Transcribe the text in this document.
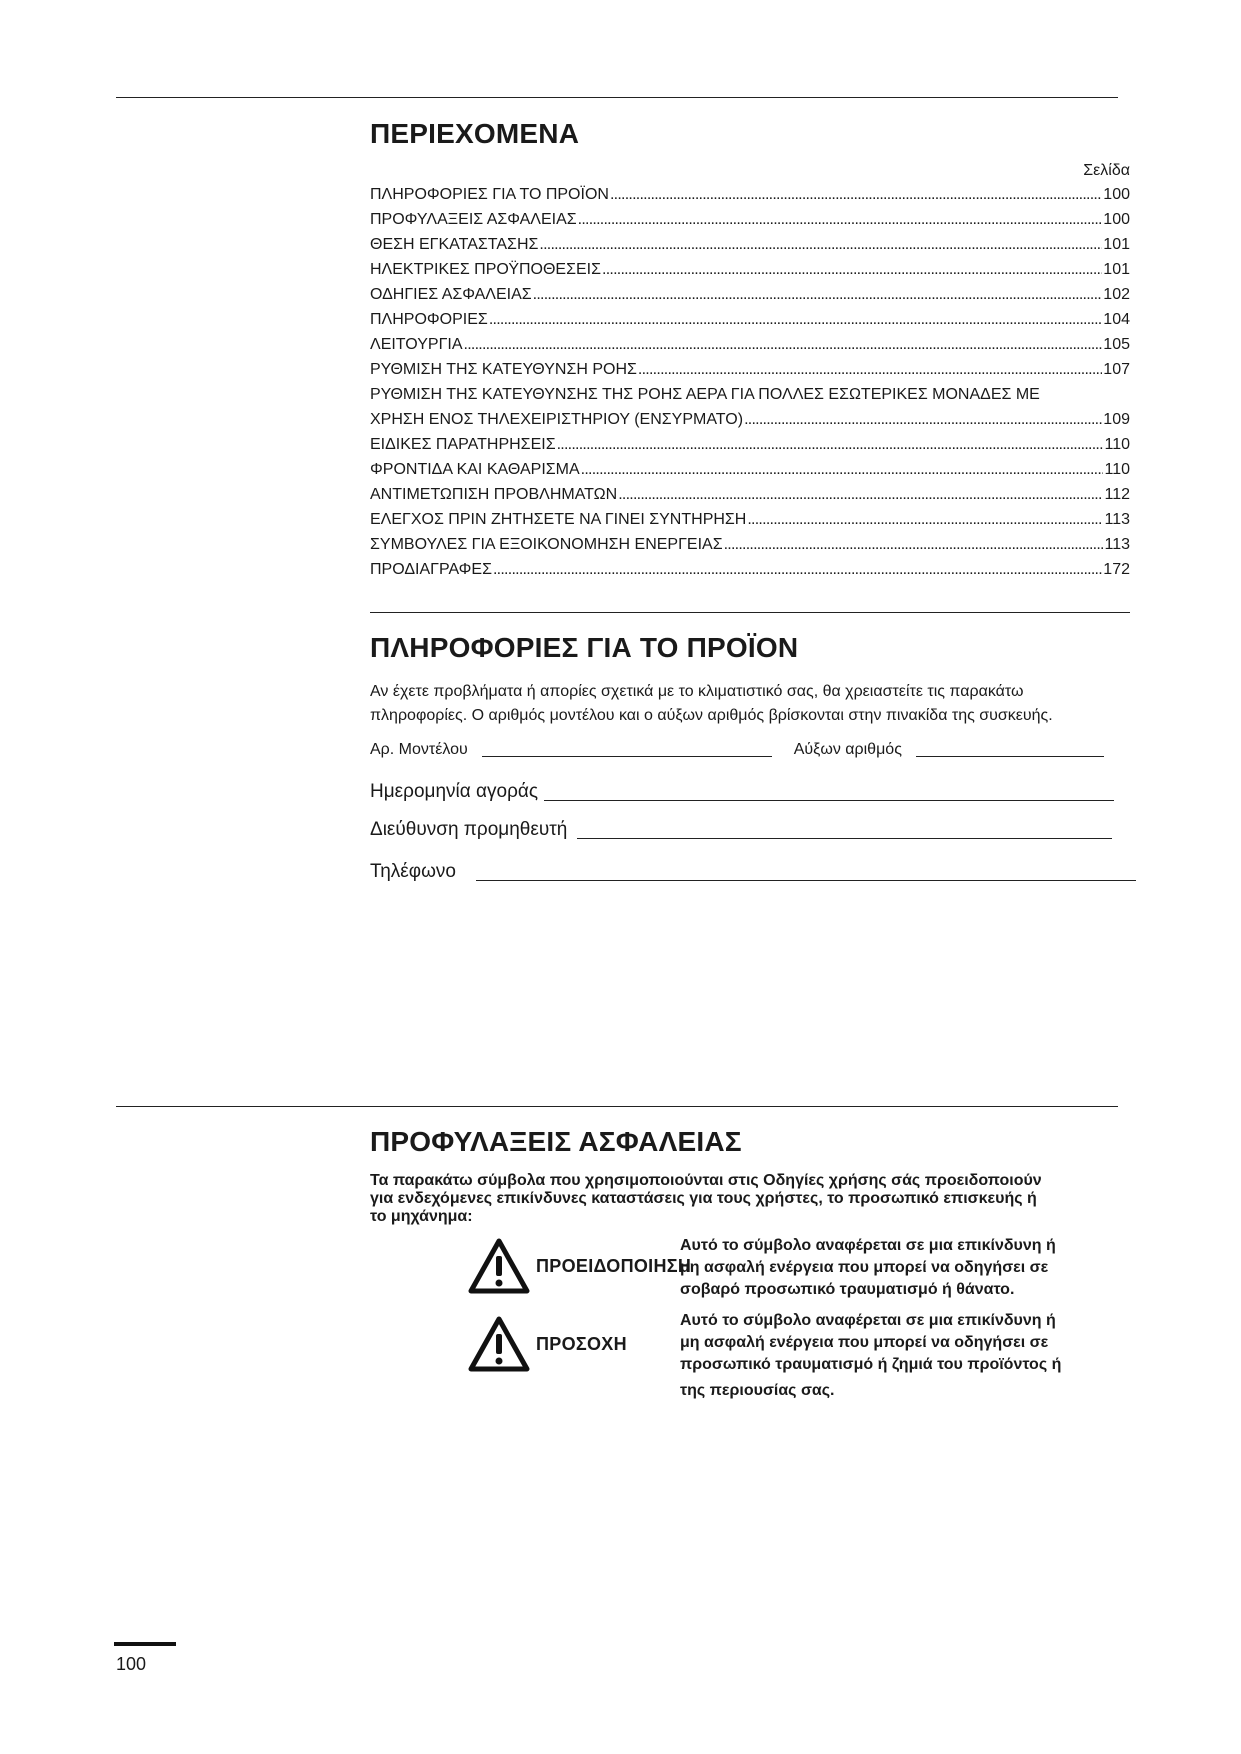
ΠΕΡΙΕΧΟΜΕΝΑ
Σελίδα
ΠΛΗΡΟΦΟΡΙΕΣ ΓΙΑ ΤΟ ΠΡΟΪΟΝ . . .	100
ΠΡΟΦΥΛΑΞΕΙΣ ΑΣΦΑΛΕΙΑΣ . . .	100
ΘΕΣΗ ΕΓΚΑΤΑΣΤΑΣΗΣ . . .	101
ΗΛΕΚΤΡΙΚΕΣ ΠΡΟΫΠΟΘΕΣΕΙΣ . . .	101
ΟΔΗΓΙΕΣ ΑΣΦΑΛΕΙΑΣ . . .	102
ΠΛΗΡΟΦΟΡΙΕΣ . . .	104
ΛΕΙΤΟΥΡΓΙΑ . . .	105
ΡΥΘΜΙΣΗ ΤΗΣ ΚΑΤΕΥΘΥΝΣΗ ΡΟΗΣ . . .	107
ΡΥΘΜΙΣΗ ΤΗΣ ΚΑΤΕΥΘΥΝΣΗΣ ΤΗΣ ΡΟΗΣ ΑΕΡΑ ΓΙΑ ΠΟΛΛΕΣ ΕΣΩΤΕΡΙΚΕΣ ΜΟΝΑΔΕΣ ΜΕ
ΧΡΗΣΗ ΕΝΟΣ ΤΗΛΕΧΕΙΡΙΣΤΗΡΙΟΥ (ΕΝΣΥΡΜΑΤΟ) . . .	109
ΕΙΔΙΚΕΣ ΠΑΡΑΤΗΡΗΣΕΙΣ . . .	110
ΦΡΟΝΤΙΔΑ ΚΑΙ ΚΑΘΑΡΙΣΜΑ . . .	110
ΑΝΤΙΜΕΤΩΠΙΣΗ ΠΡΟΒΛΗΜΑΤΩΝ . . .	112
ΕΛΕΓΧΟΣ ΠΡΙΝ ΖΗΤΗΣΕΤΕ ΝΑ ΓΙΝΕΙ ΣΥΝΤΗΡΗΣΗ . . .	113
ΣΥΜΒΟΥΛΕΣ ΓΙΑ ΕΞΟΙΚΟΝΟΜΗΣΗ ΕΝΕΡΓΕΙΑΣ . . .	113
ΠΡΟΔΙΑΓΡΑΦΕΣ . . .	172
ΠΛΗΡΟΦΟΡΙΕΣ ΓΙΑ ΤΟ ΠΡΟΪΟΝ
Αν έχετε προβλήματα ή απορίες σχετικά με το κλιματιστικό σας, θα χρειαστείτε τις παρακάτω
πληροφορίες. Ο αριθμός μοντέλου και ο αύξων αριθμός βρίσκονται στην πινακίδα της συσκευής.
Αρ. Μοντέλου	Αύξων αριθμός
Ημερομηνία αγοράς
Διεύθυνση προμηθευτή
Τηλέφωνο
ΠΡΟΦΥΛΑΞΕΙΣ ΑΣΦΑΛΕΙΑΣ
Τα παρακάτω σύμβολα που χρησιμοποιούνται στις Οδηγίες χρήσης σάς προειδοποιούν
για ενδεχόμενες επικίνδυνες καταστάσεις για τους χρήστες, το προσωπικό επισκευής ή
το μηχάνημα:
ΠΡΟΕΙΔΟΠΟΙΗΣΗ
Αυτό το σύμβολο αναφέρεται σε μια επικίνδυνη ή
μη ασφαλή ενέργεια που μπορεί να οδηγήσει σε
σοβαρό προσωπικό τραυματισμό ή θάνατο.
ΠΡΟΣΟΧΗ
Αυτό το σύμβολο αναφέρεται σε μια επικίνδυνη ή
μη ασφαλή ενέργεια που μπορεί να οδηγήσει σε
προσωπικό τραυματισμό ή ζημιά του προϊόντος ή
της περιουσίας σας.
100
